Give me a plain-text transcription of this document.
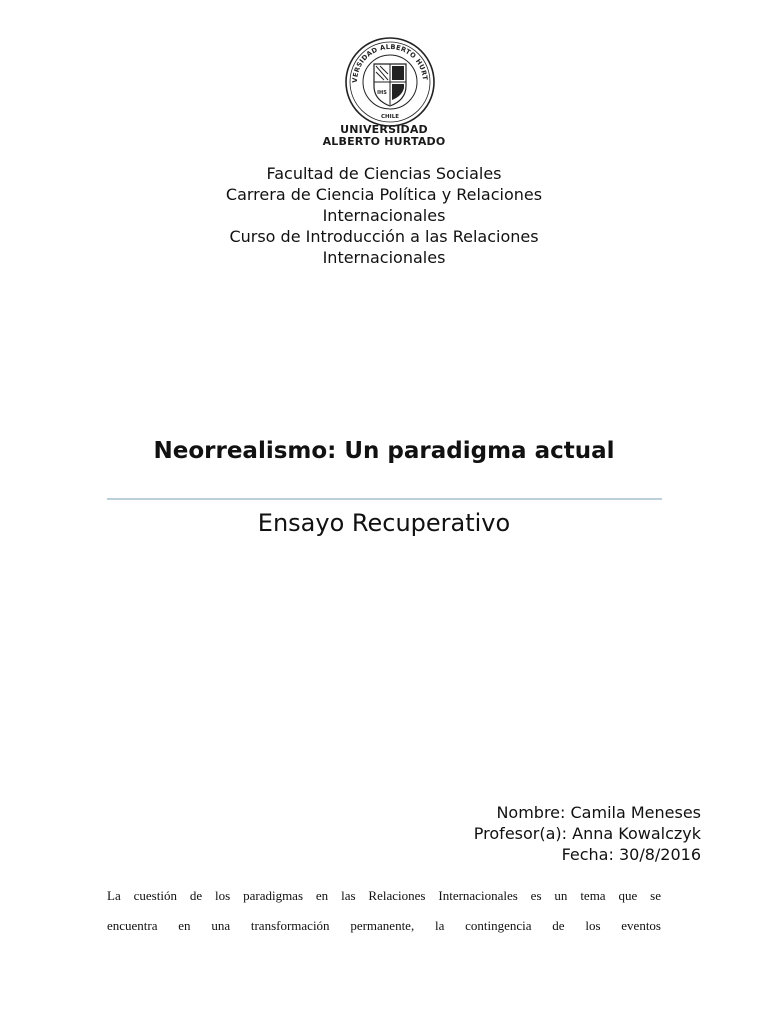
VERSIDAD ALBERTO HURT
CHILE
IHS
UNIVERSIDAD
ALBERTO HURTADO
Facultad de Ciencias Sociales
Carrera de Ciencia Política y Relaciones
Internacionales
Curso de Introducción a las Relaciones
Internacionales
Neorrealismo: Un paradigma actual
Ensayo Recuperativo
Nombre: Camila Meneses
Profesor(a): Anna Kowalczyk
Fecha: 30/8/2016

La cuestión de los paradigmas en las Relaciones Internacionales es un tema que se

encuentra en una transformación permanente, la contingencia de los eventos
